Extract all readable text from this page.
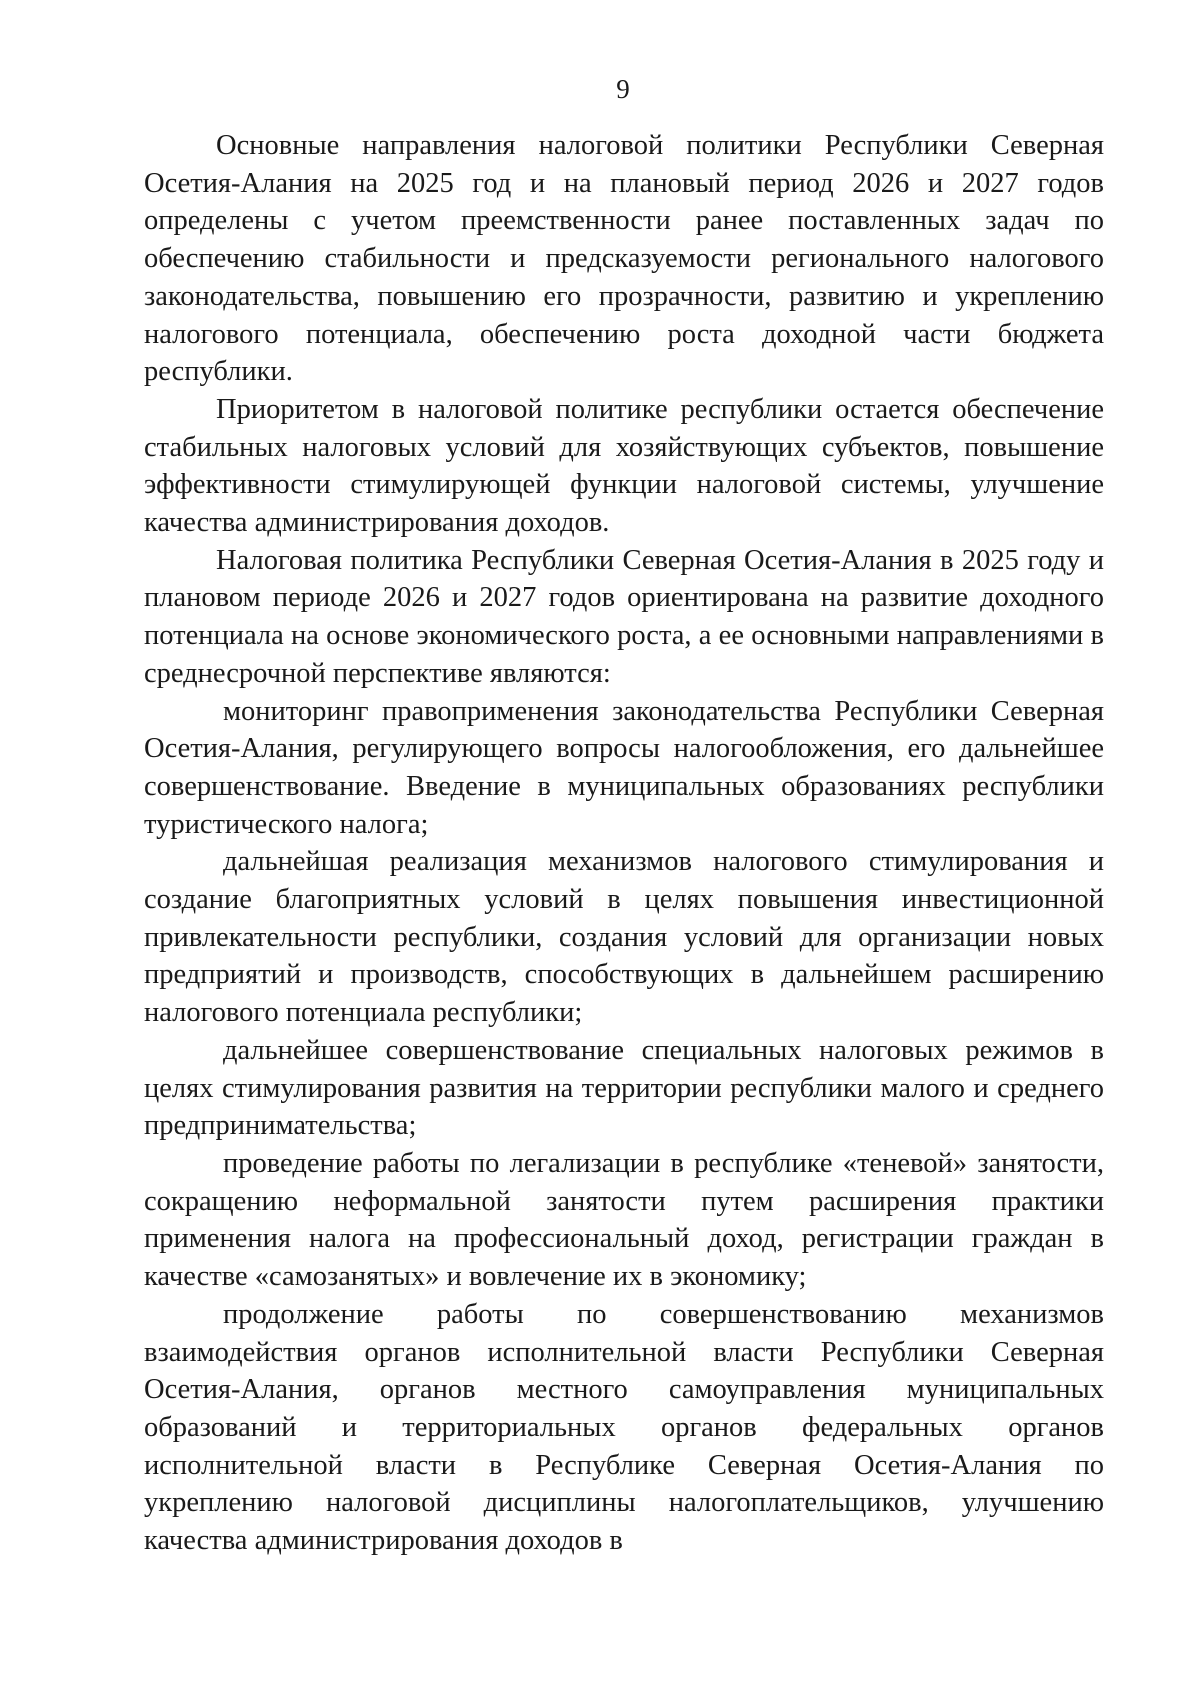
9

Основные направления налоговой политики Республики Северная Осетия-Алания на 2025 год и на плановый период 2026 и 2027 годов определены с учетом преемственности ранее поставленных задач по обеспечению стабильности и предсказуемости регионального налогового законодательства, повышению его прозрачности, развитию и укреплению налогового потенциала, обеспечению роста доходной части бюджета республики.

Приоритетом в налоговой политике республики остается обеспечение стабильных налоговых условий для хозяйствующих субъектов, повышение эффективности стимулирующей функции налоговой системы, улучшение качества администрирования доходов.

Налоговая политика Республики Северная Осетия-Алания в 2025 году и плановом периоде 2026 и 2027 годов ориентирована на развитие доходного потенциала на основе экономического роста, а ее основными направлениями в среднесрочной перспективе являются:

мониторинг правоприменения законодательства Республики Северная Осетия-Алания, регулирующего вопросы налогообложения, его дальнейшее совершенствование. Введение в муниципальных образованиях республики туристического налога;

дальнейшая реализация механизмов налогового стимулирования и создание благоприятных условий в целях повышения инвестиционной привлекательности республики, создания условий для организации новых предприятий и производств, способствующих в дальнейшем расширению налогового потенциала республики;

дальнейшее совершенствование специальных налоговых режимов в целях стимулирования развития на территории республики малого и среднего предпринимательства;

проведение работы по легализации в республике «теневой» занятости, сокращению неформальной занятости путем расширения практики применения налога на профессиональный доход, регистрации граждан в качестве «самозанятых» и вовлечение их в экономику;

продолжение работы по совершенствованию механизмов взаимодействия органов исполнительной власти Республики Северная Осетия-Алания, органов местного самоуправления муниципальных образований и территориальных органов федеральных органов исполнительной власти в Республике Северная Осетия-Алания по укреплению налоговой дисциплины налогоплательщиков, улучшению качества администрирования доходов в
